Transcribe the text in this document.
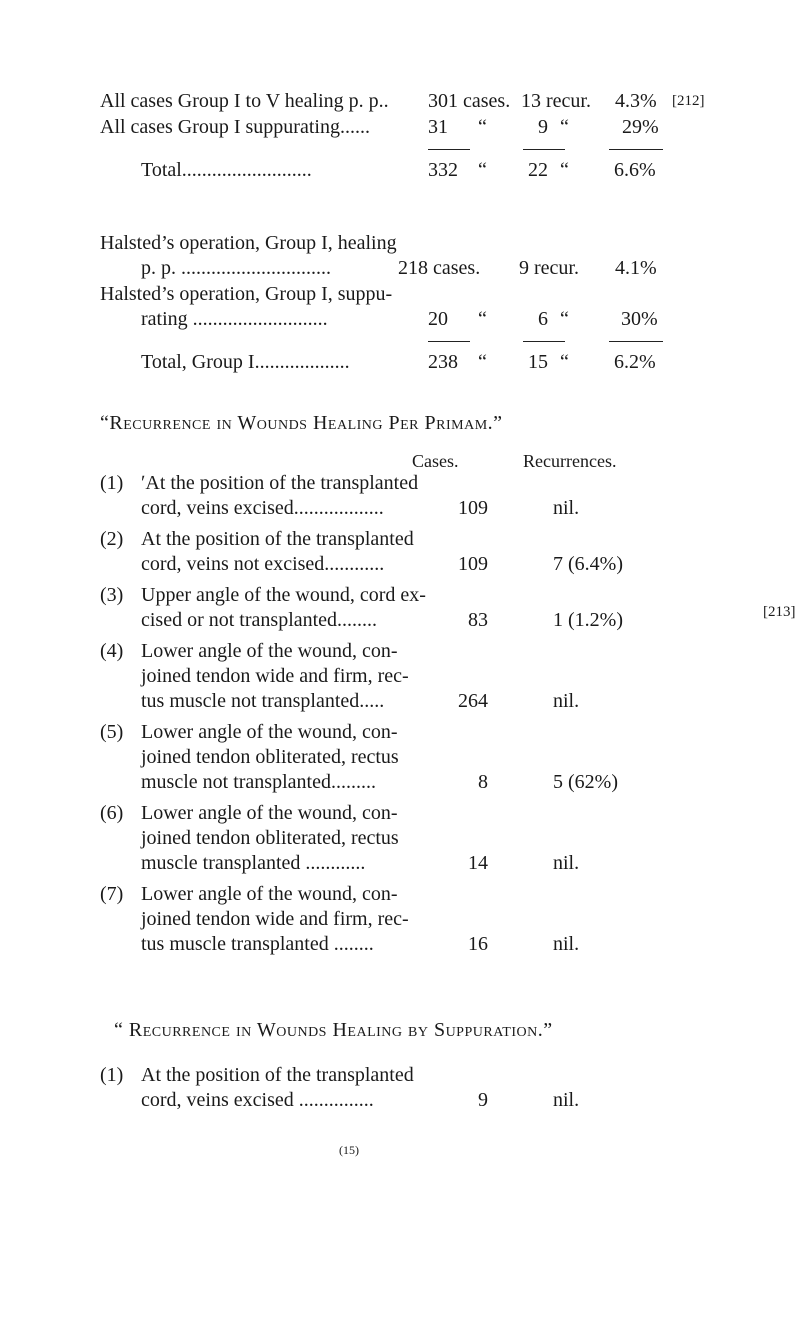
All cases Group I to V healing p. p.. 301 cases. 13 recur. 4.3% [212]
All cases Group I suppurating......	31 “	9 “	29%
Total..........................	332 “ 22 “ 6.6%
Halsted’s operation, Group I, healing
p. p. ..............................	218 cases. 9 recur. 4.1%
Halsted’s operation, Group I, suppu-
rating ...........................	20 “	6 “	30%
Total, Group I...................	238 “ 15 “ 6.2%
“Recurrence in Wounds Healing Per Primam.”
Cases.	Recurrences.
(1) ʹAt the position of the transplanted
cord, veins excised..................	109	nil.
(2) At the position of the transplanted
cord, veins not excised............	109	7 (6.4%)
(3) Upper angle of the wound, cord ex-
cised or not transplanted........	83	1 (1.2%)
(4) Lower angle of the wound, con-
joined tendon wide and firm, rec-
tus muscle not transplanted.....	264	nil.
(5) Lower angle of the wound, con-
joined tendon obliterated, rectus
muscle not transplanted.........	8	5 (62%)
(6) Lower angle of the wound, con-
joined tendon obliterated, rectus
muscle transplanted ............	14	nil.
(7) Lower angle of the wound, con-
joined tendon wide and firm, rec-
tus muscle transplanted ........	16	nil.
[213]
“ Recurrence in Wounds Healing by Suppuration.”
(1) At the position of the transplanted
cord, veins excised ...............	9	nil.
(15)
